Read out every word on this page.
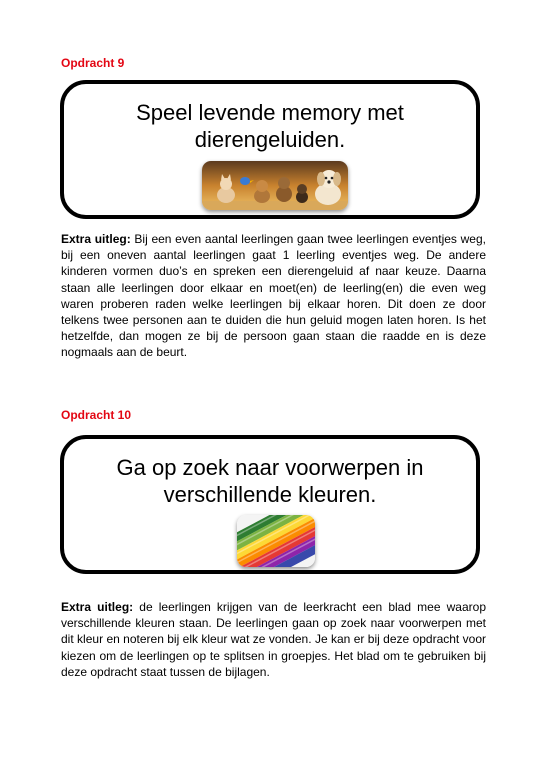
Opdracht 9
Speel levende memory met
dierengeluiden.

Extra uitleg: Bij een even aantal leerlingen gaan twee leerlingen eventjes weg, bij een oneven aantal leerlingen gaat 1 leerling eventjes weg. De andere kinderen vormen duo’s en spreken een dierengeluid af naar keuze. Daarna staan alle leerlingen door elkaar en moet(en) de leerling(en) die even weg waren proberen raden welke leerlingen bij elkaar horen. Dit doen ze door telkens twee personen aan te duiden die hun geluid mogen laten horen. Is het hetzelfde, dan mogen ze bij de persoon gaan staan die raadde en is deze nogmaals aan de beurt.

Opdracht 10
Ga op zoek naar voorwerpen in
verschillende kleuren.

Extra uitleg: de leerlingen krijgen van de leerkracht een blad mee waarop verschillende kleuren staan. De leerlingen gaan op zoek naar voorwerpen met dit kleur en noteren bij elk kleur wat ze vonden. Je kan er bij deze opdracht voor kiezen om de leerlingen op te splitsen in groepjes. Het blad om te gebruiken bij deze opdracht staat tussen de bijlagen.
